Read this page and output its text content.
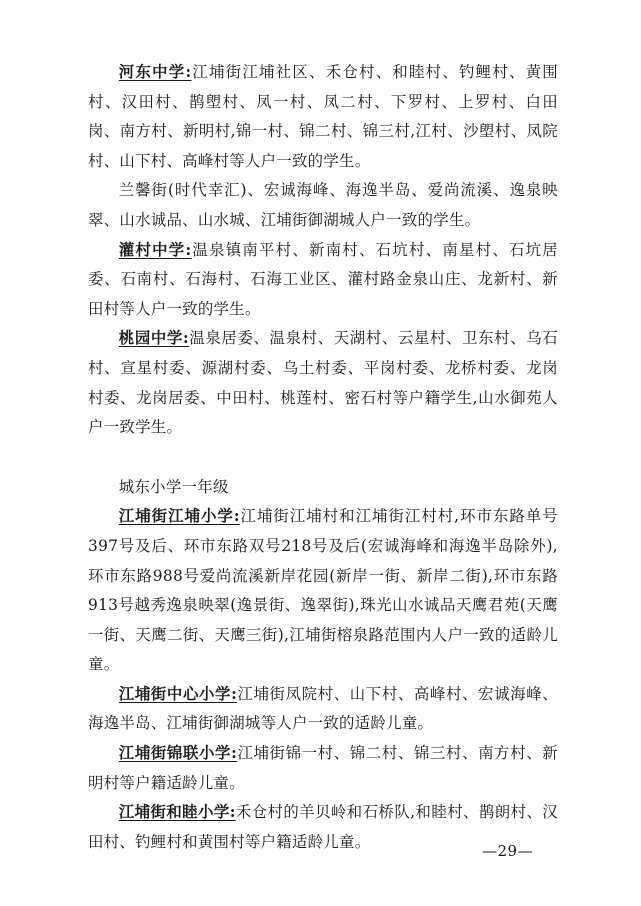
河东中学:江埔街江埔社区、禾仓村、和睦村、钓鲤村、黄围村、汉田村、鹊塱村、凤一村、凤二村、下罗村、上罗村、白田岗、南方村、新明村,锦一村、锦二村、锦三村,江村、沙塱村、凤院村、山下村、高峰村等人户一致的学生。

兰馨街(时代幸汇)、宏诚海峰、海逸半岛、爱尚流溪、逸泉映翠、山水诚品、山水城、江埔街御湖城人户一致的学生。

灌村中学:温泉镇南平村、新南村、石坑村、南星村、石坑居委、石南村、石海村、石海工业区、灌村路金泉山庄、龙新村、新田村等人户一致的学生。

桃园中学:温泉居委、温泉村、天湖村、云星村、卫东村、乌石村、宣星村委、源湖村委、乌土村委、平岗村委、龙桥村委、龙岗村委、龙岗居委、中田村、桃莲村、密石村等户籍学生,山水御苑人户一致学生。

城东小学一年级

江埔街江埔小学:江埔街江埔村和江埔街江村村,环市东路单号397号及后、环市东路双号218号及后(宏诚海峰和海逸半岛除外),环市东路988号爱尚流溪新岸花园(新岸一街、新岸二街),环市东路913号越秀逸泉映翠(逸景街、逸翠街),珠光山水诚品天鹰君苑(天鹰一街、天鹰二街、天鹰三街),江埔街榕泉路范围内人户一致的适龄儿童。

江埔街中心小学:江埔街凤院村、山下村、高峰村、宏诚海峰、海逸半岛、江埔街御湖城等人户一致的适龄儿童。

江埔街锦联小学:江埔街锦一村、锦二村、锦三村、南方村、新明村等户籍适龄儿童。

江埔街和睦小学:禾仓村的羊贝岭和石桥队,和睦村、鹊朗村、汉田村、钓鲤村和黄围村等户籍适龄儿童。

—29—
